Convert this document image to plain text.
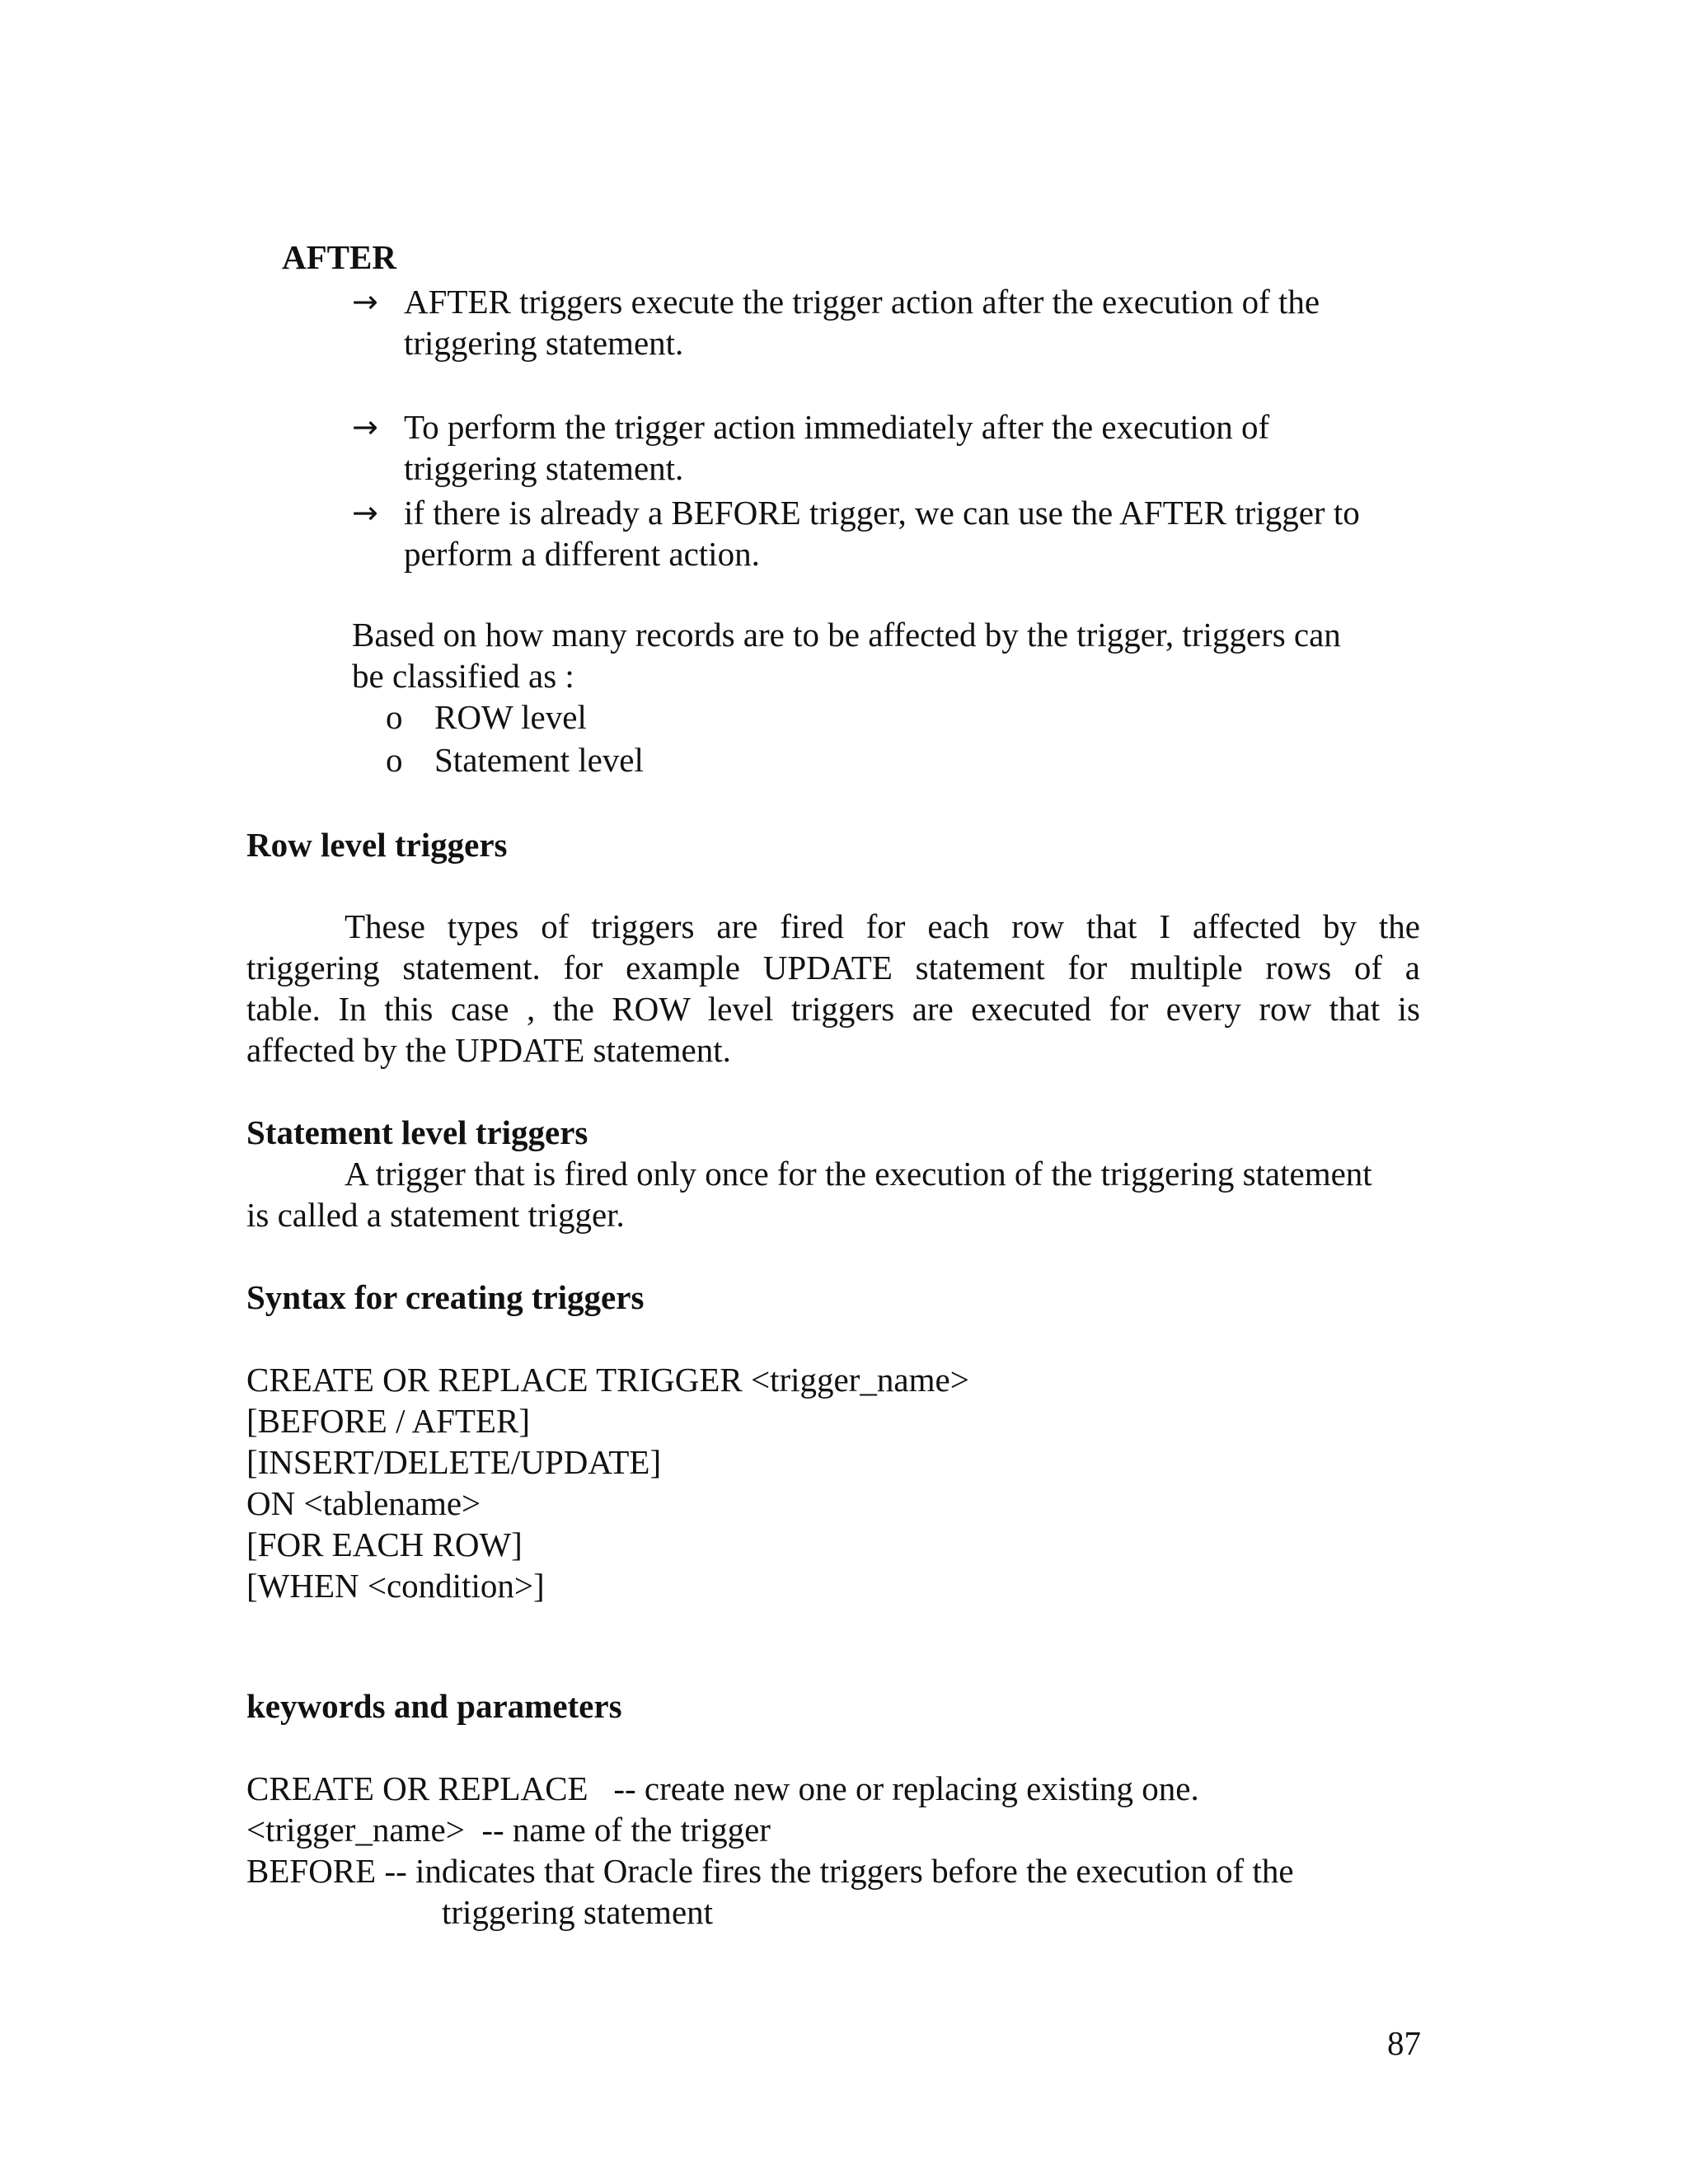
AFTER
→ AFTER triggers execute the trigger action after the execution of the
triggering statement.
→ To perform the trigger action immediately after the execution of
triggering statement.
→ if there is already a BEFORE trigger, we can use the AFTER trigger to
perform a different action.
Based on how many records are to be affected by the trigger, triggers can
be classified as :
o ROW level
o Statement level
Row level triggers
These types of triggers are fired for each row that I affected by the
triggering statement. for example UPDATE statement for multiple rows of a
table. In this case , the ROW level triggers are executed for every row that is
affected by the UPDATE statement.
Statement level triggers
A trigger that is fired only once for the execution of the triggering statement
is called a statement trigger.
Syntax for creating triggers
CREATE OR REPLACE TRIGGER <trigger_name>
[BEFORE / AFTER]
[INSERT/DELETE/UPDATE]
ON <tablename>
[FOR EACH ROW]
[WHEN <condition>]
keywords and parameters
CREATE OR REPLACE   -- create new one or replacing existing one.
<trigger_name>  -- name of the trigger
BEFORE -- indicates that Oracle fires the triggers before the execution of the
triggering statement
87
